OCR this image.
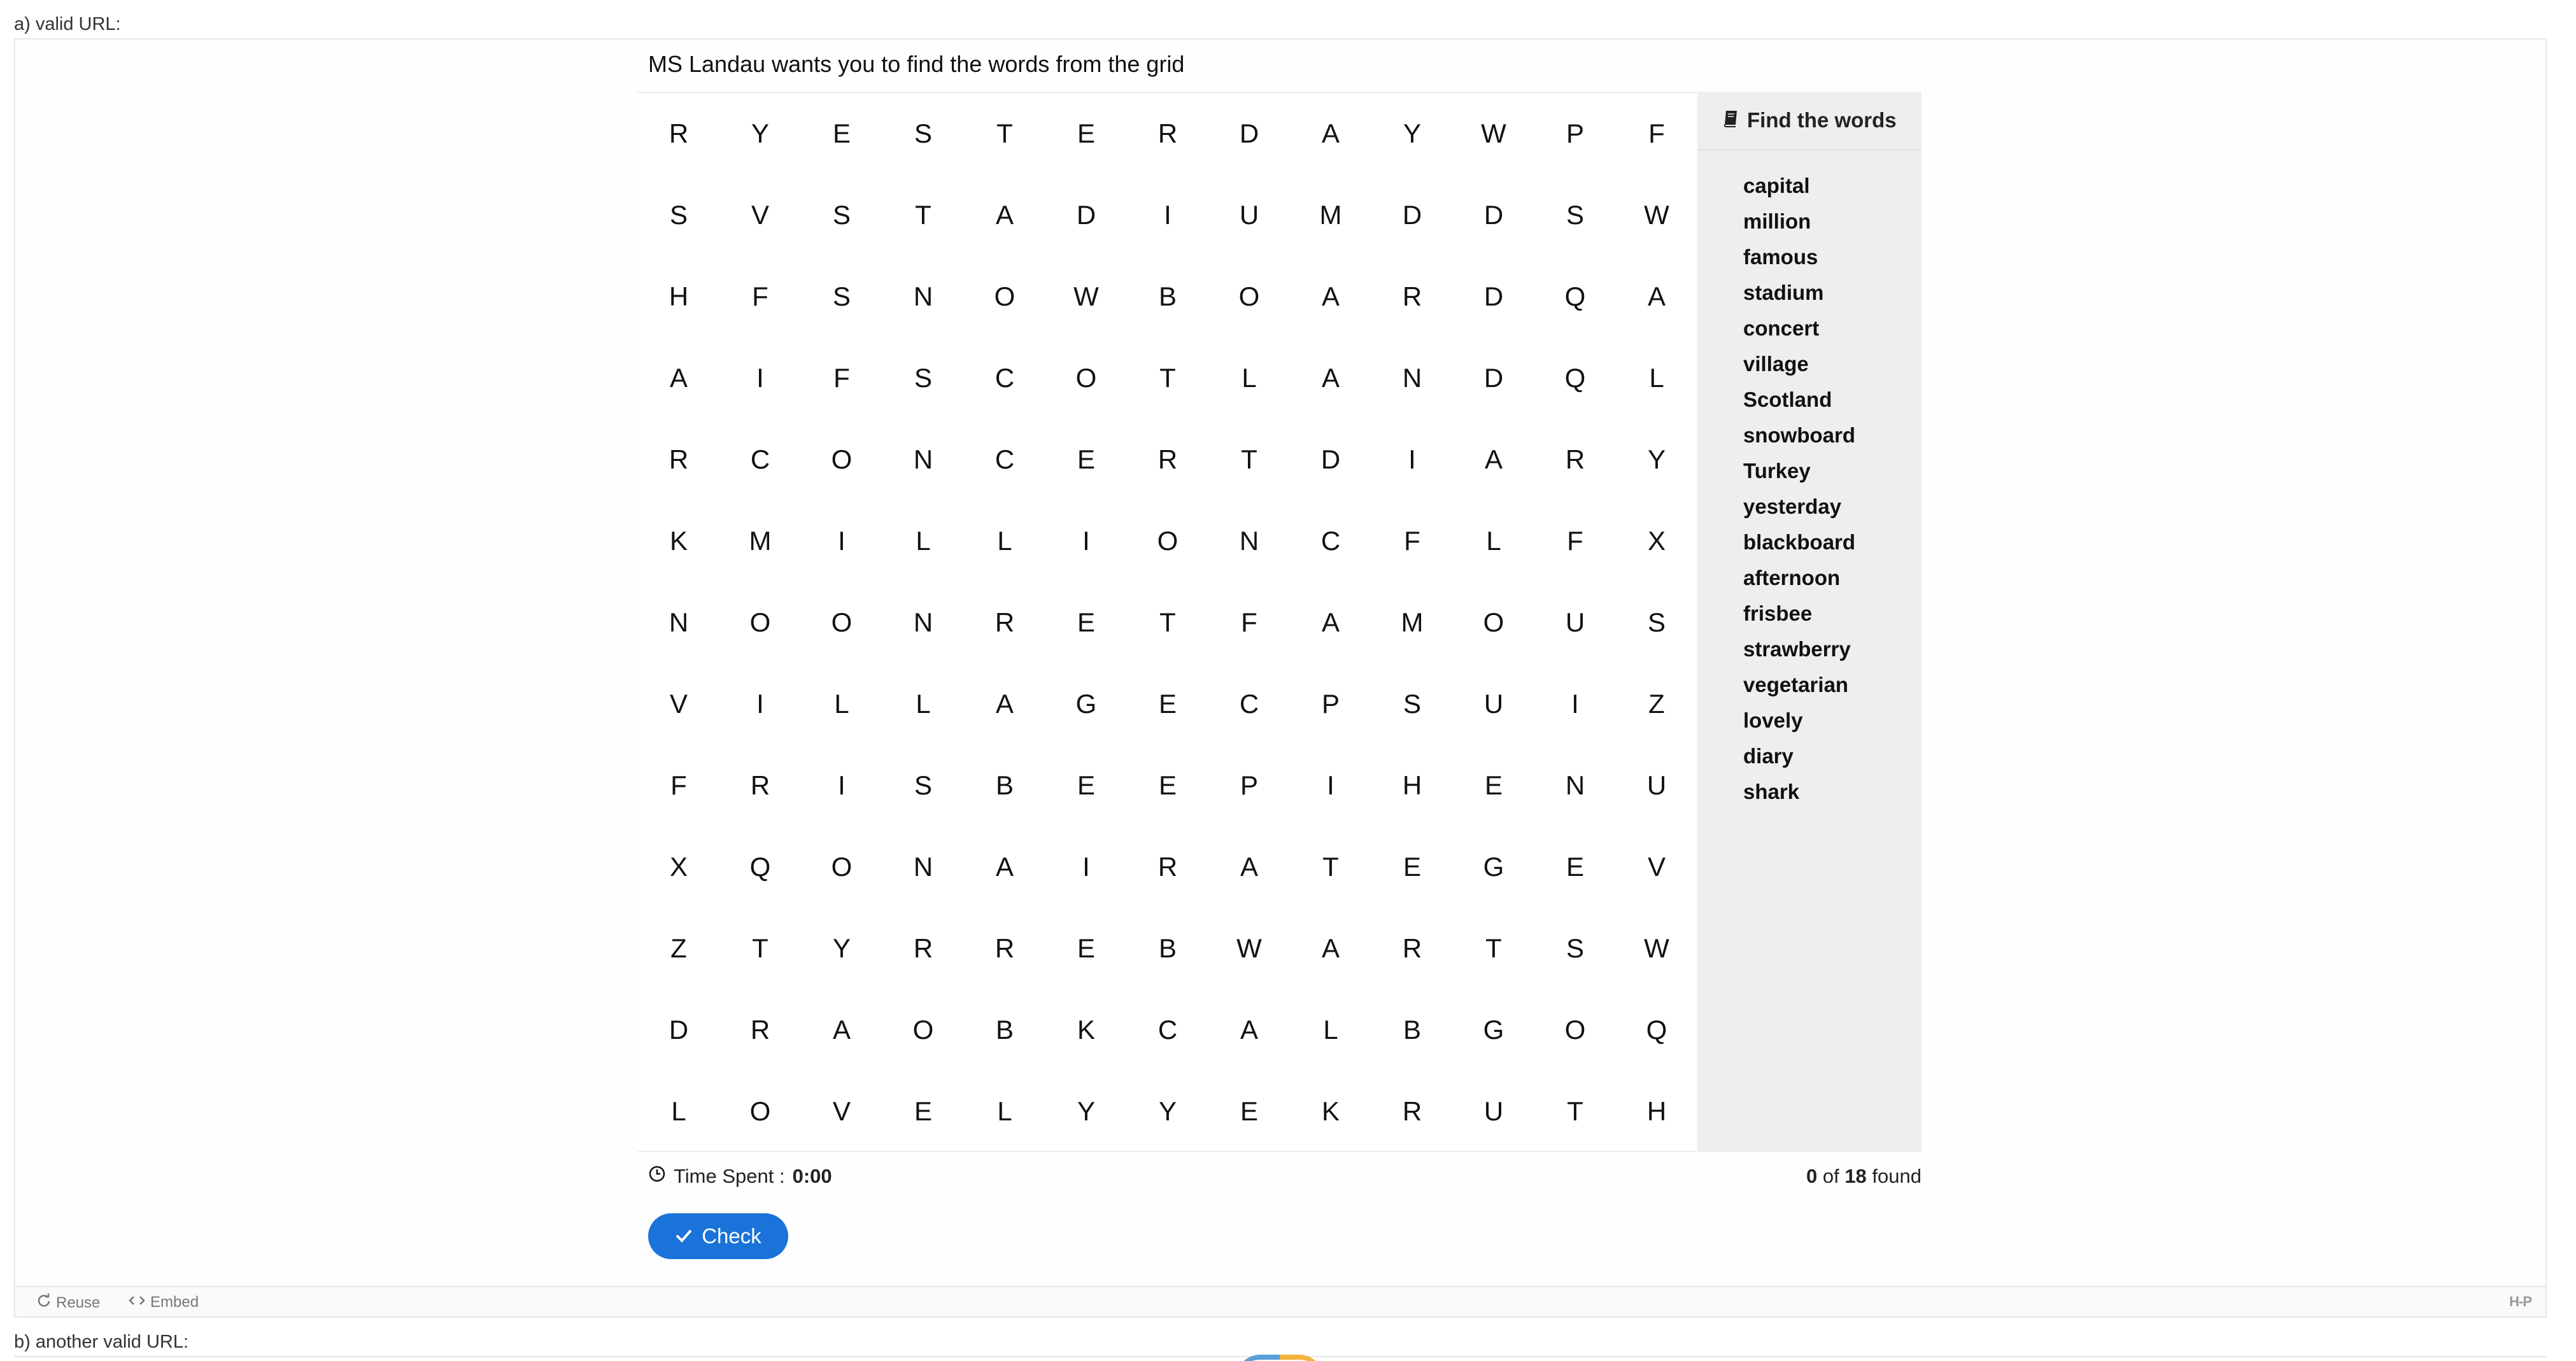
a) valid URL:
Reuse	Embed	H-P
MS Landau wants you to find the words from the grid
R	Y	E	S	T	E	R	D	A	Y	W	P	F
S	V	S	T	A	D	I	U	M	D	D	S	W
H	F	S	N	O	W	B	O	A	R	D	Q	A
A	I	F	S	C	O	T	L	A	N	D	Q	L
R	C	O	N	C	E	R	T	D	I	A	R	Y
K	M	I	L	L	I	O	N	C	F	L	F	X
N	O	O	N	R	E	T	F	A	M	O	U	S
V	I	L	L	A	G	E	C	P	S	U	I	Z
F	R	I	S	B	E	E	P	I	H	E	N	U
X	Q	O	N	A	I	R	A	T	E	G	E	V
Z	T	Y	R	R	E	B	W	A	R	T	S	W
D	R	A	O	B	K	C	A	L	B	G	O	Q
L	O	V	E	L	Y	Y	E	K	R	U	T	H
Find the words
capital
million
famous
stadium
concert
village
Scotland
snowboard
Turkey
yesterday
blackboard
afternoon
frisbee
strawberry
vegetarian
lovely
diary
shark
Time Spent : 0:00	0 of 18 found
Check
b) another valid URL:
